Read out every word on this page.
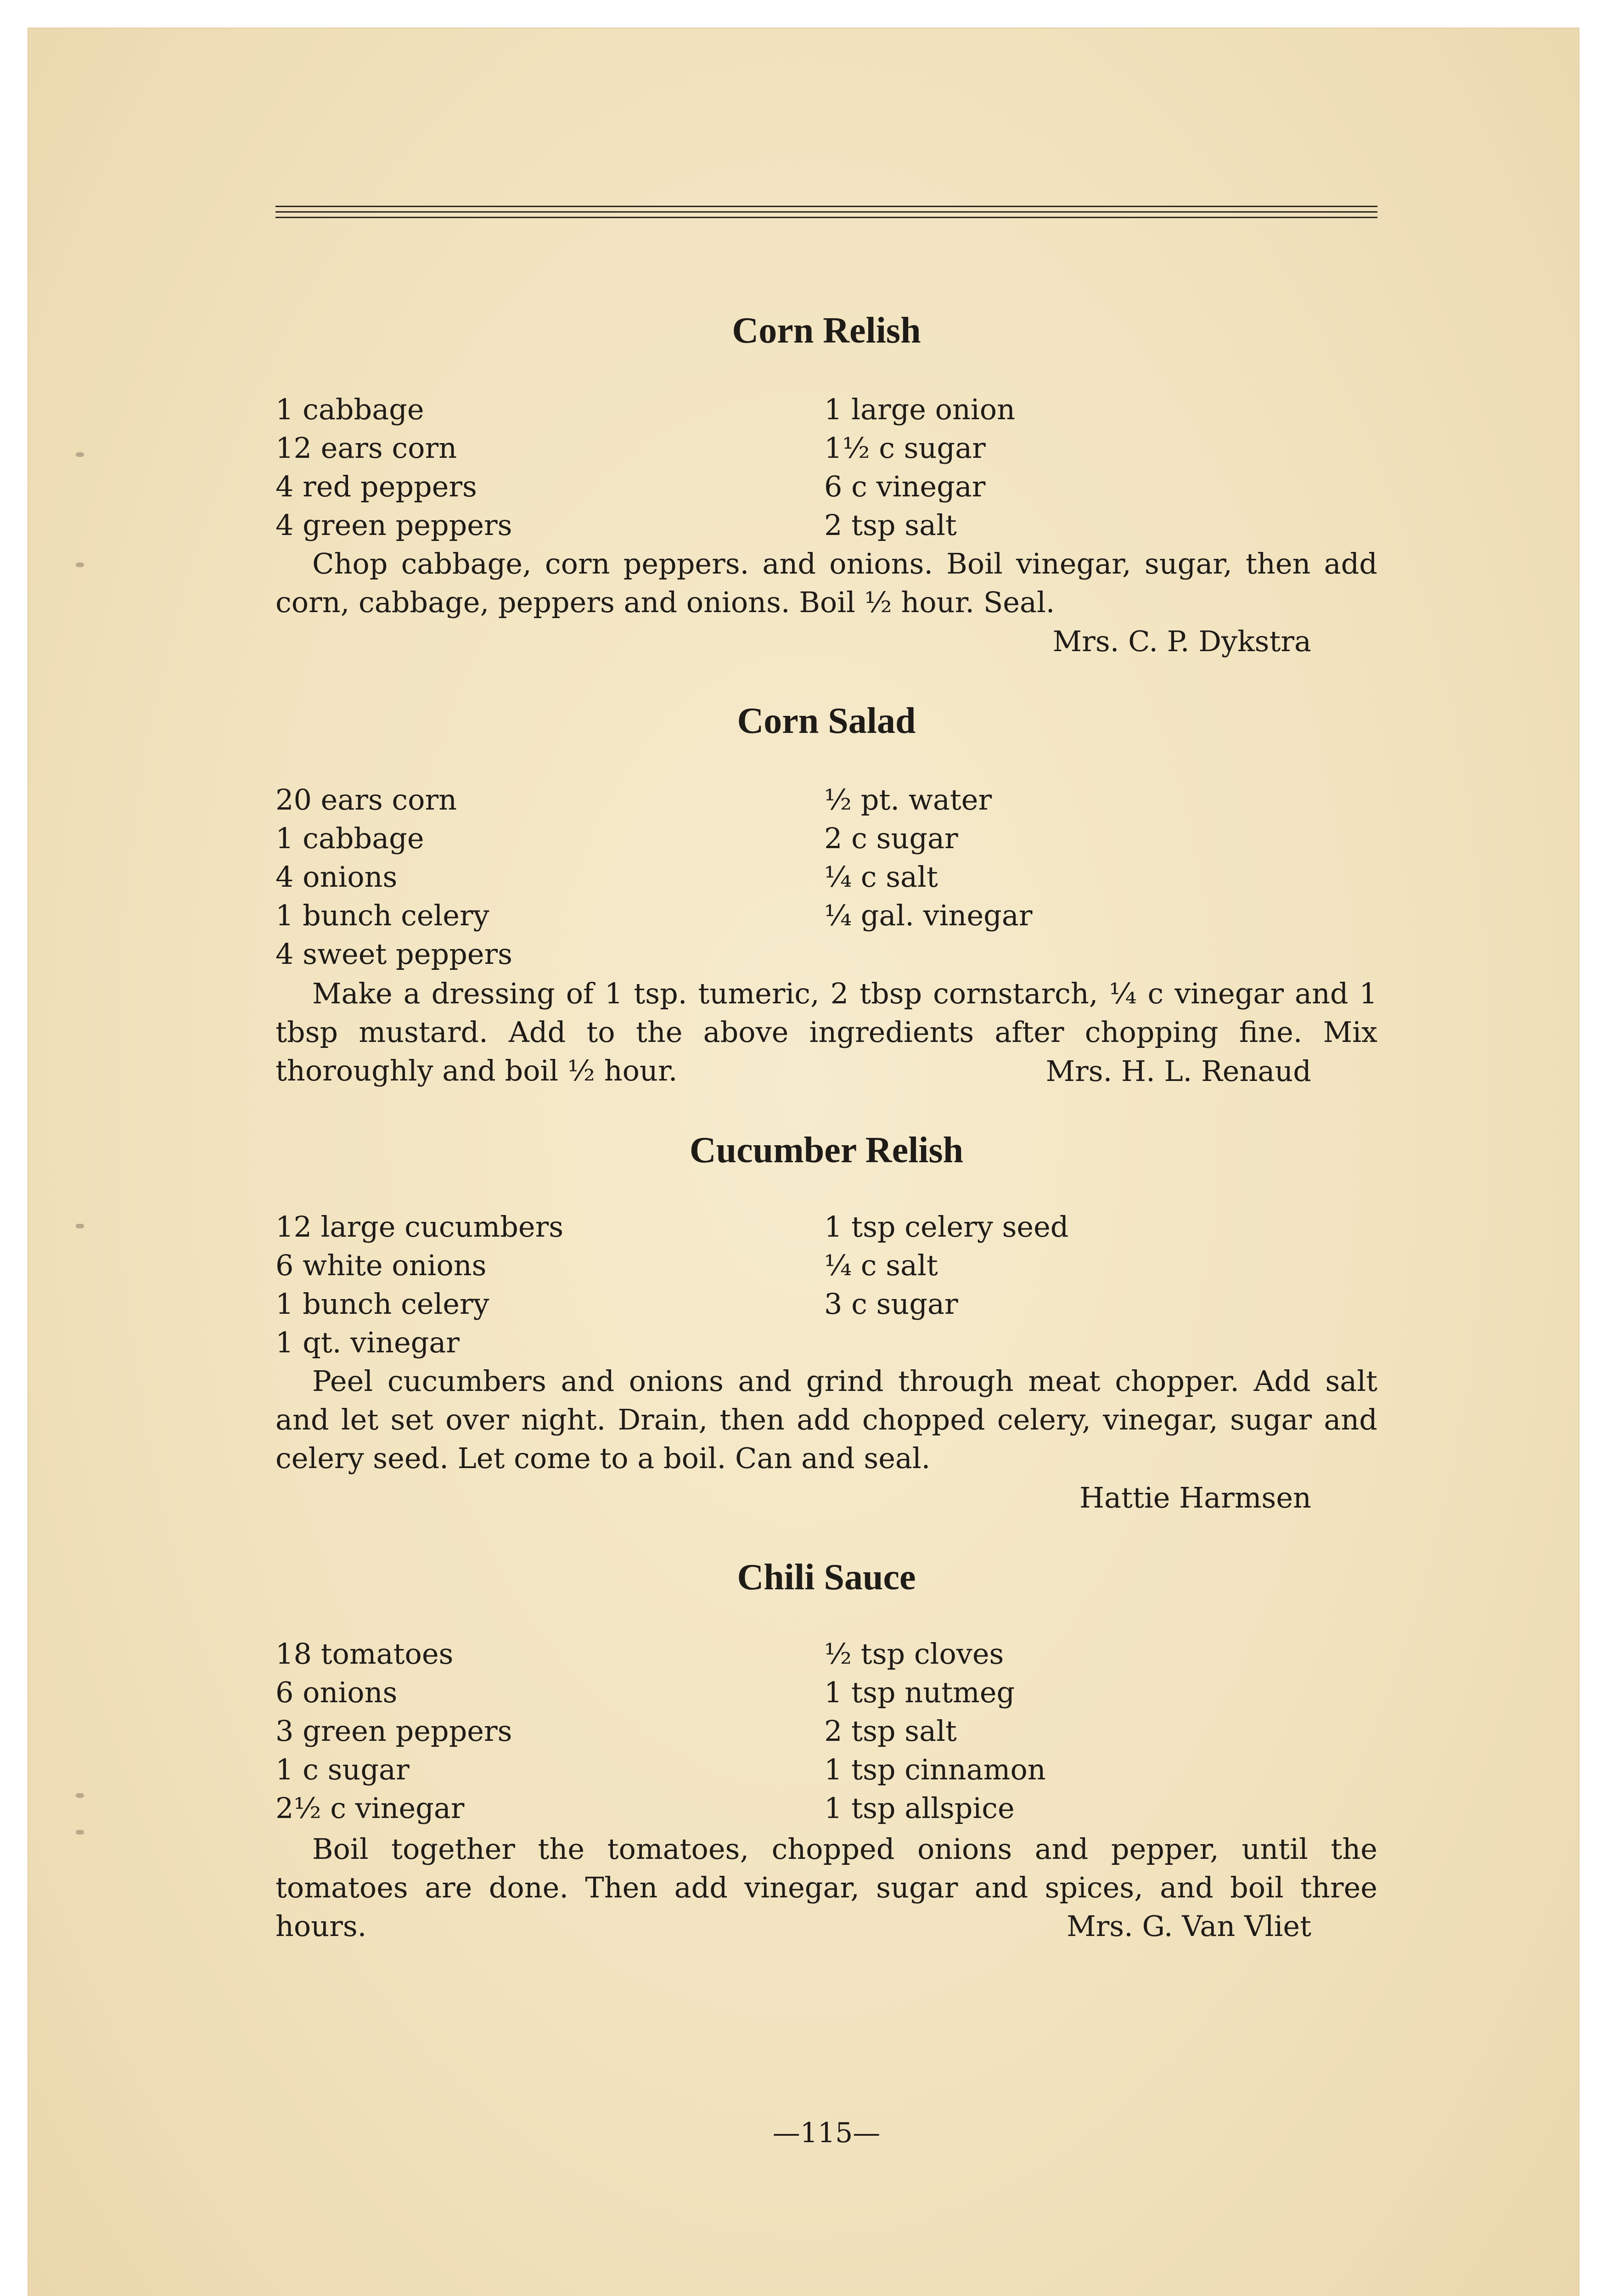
Corn Relish
1 cabbage
12 ears corn
4 red peppers
4 green peppers
1 large onion
1½ c sugar
6 c vinegar
2 tsp salt
Chop cabbage, corn peppers. and onions. Boil vinegar, sugar, then add corn, cabbage, peppers and onions. Boil ½ hour. Seal.
Mrs. C. P. Dykstra
Corn Salad
20 ears corn
1 cabbage
4 onions
1 bunch celery
4 sweet peppers
½ pt. water
2 c sugar
¼ c salt
¼ gal. vinegar
Make a dressing of 1 tsp. tumeric, 2 tbsp cornstarch, ¼ c vinegar and 1 tbsp mustard. Add to the above ingredients after chopping fine. Mix thoroughly and boil ½ hour.	Mrs. H. L. Renaud
Cucumber Relish
12 large cucumbers
6 white onions
1 bunch celery
1 qt. vinegar
1 tsp celery seed
¼ c salt
3 c sugar
Peel cucumbers and onions and grind through meat chopper. Add salt and let set over night. Drain, then add chopped celery, vinegar, sugar and celery seed. Let come to a boil. Can and seal.
Hattie Harmsen
Chili Sauce
18 tomatoes
6 onions
3 green peppers
1 c sugar
2½ c vinegar
½ tsp cloves
1 tsp nutmeg
2 tsp salt
1 tsp cinnamon
1 tsp allspice
Boil together the tomatoes, chopped onions and pepper, until the tomatoes are done. Then add vinegar, sugar and spices, and boil three hours.	Mrs. G. Van Vliet
—115—
